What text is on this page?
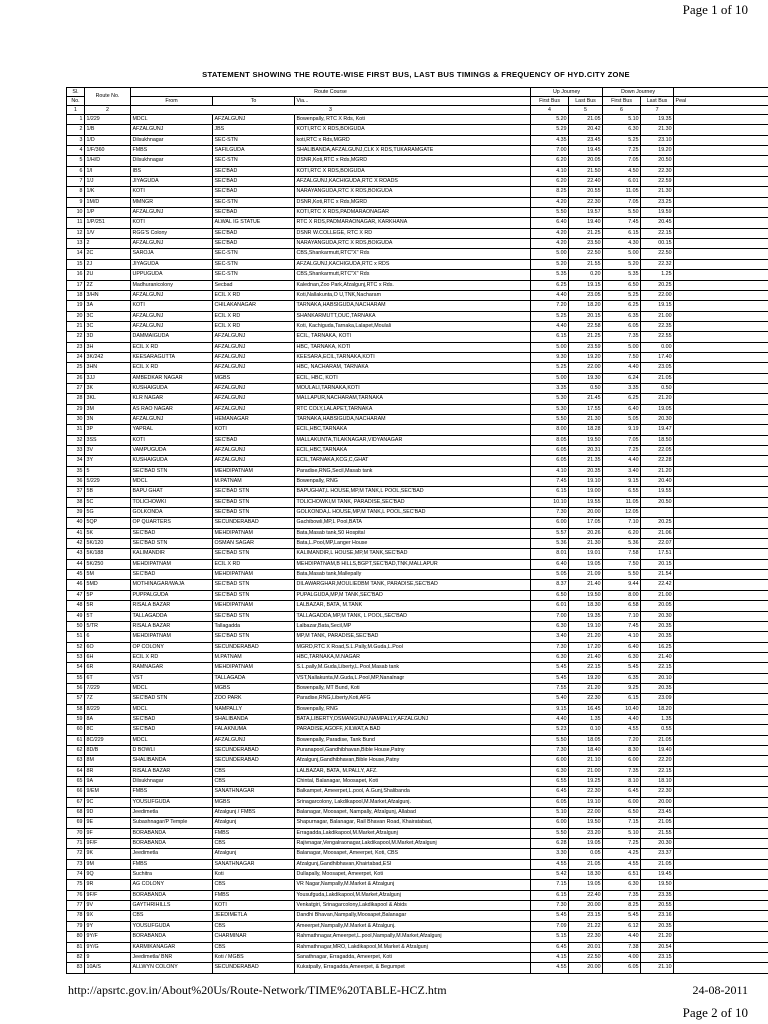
Page 1 of 10
STATEMENT SHOWING THE ROUTE-WISE FIRST BUS, LAST BUS TIMINGS & FREQUENCY OF HYD.CITY ZONE
Sl.	Route No.	Route Course			Up Journey		Down Journey		
No.		From	To	Via...	First Bus	Last Bus	First Bus	Last Bus	Peal
1	2	3			4	5	6	7	
1	1/229	MDCL	AFZALGUNJ	Bowenpally, RTC X Rds, Koti	5.20	21.05	5.10	19.35	
2	1/B	AFZALGUNJ	JBS	KOTI,RTC X RDS,BOIGUDA	5.29	20.42	6.30	21.30	
3	1/D	Dilsukhnagar	SEC-STN	koti,RTC x Rds,MGRD	4.35	23.45	5.25	23.10	
4	1/F/360	FMBS	SAFILGUDA	SHALIBANDA,AFZALGUNJ,CLK X RDS,TUKARAMGATE	7.00	19.45	7.25	19.20	
5	1/H/D	Dilsukhnagar	SEC-STN	DSNR,Koti,RTC x Rds,MGRD	6.20	20.05	7.05	20.50	
6	1/I	IBS	SEC'BAD	KOTI,RTC X RDS,BOIGUDA	4.10	21.50	4.50	22.30	
7	1/J	JIYAGUDA	SEC'BAD	AFZALGUNJ,KACHIGUDA,RTC X ROADS	6.20	22.40	6.01	22.59	
8	1/K	KOTI	SEC'BAD	NARAYANGUDA,RTC X RDS,BOIGUDA	8.25	20.55	11.05	21.30	
9	1M/D	MMNGR	SEC-STN	DSNR,Koti,RTC x Rds,MGRD	4.20	22.30	7.05	23.25	
10	1/P	AFZALGUNJ	SEC'BAD	KOTI,RTC X RDS,PADMARAONAGAR	5.50	19.57	5.50	19.59	
11	1/P/251	KOTI	ALWAL IG STATUE	RTC X RDS,PADMARAONAGAR, KARKHANA	6.40	19.40	7.45	20.45	
12	1/V	RGG'S Colony	SEC'BAD	DSNR W.COLLEGE, RTC X RD	4.20	21.25	6.15	22.15	
13	2	AFZALGUNJ	SEC'BAD	NARAYANGUDA,RTC X RDS,BOIGUDA	4.20	23.50	4.30	00.15	
14	2C	SAROJA	SEC-STN	CBS,Shankarmutt,RTC"X" Rds	5.00	22.50	5.00	22.50	
15	2J	JIYAGUDA	SEC-STN	AFZALGUNJ,KACHIGUDA,RTC x RDS	5.20	21.55	5.20	22.32	
16	2U	UPPUGUDA	SEC-STN	CBS,Shankarmutt,RTC"X" Rds	5.35	0.20	5.35	1.25	
17	2Z	Madhuranicolony	Secbad	Kalednan,Zoo Park,Afzalgunj,RTC x Rds.	6.25	19.15	6.50	20.25	
18	3/HN	AFZALGUNJ	ECIL X RD	Koti,Nallakunta,O U,TNK,Nacharam	4.40	23.05	5.25	22.00	
19	3A	KOTI	CHILAKANAGAR	TARNAKA,HABSIGUDA,NACHARAM	7.20	18.20	6.25	19.15	
20	3C	AFZALGUNJ	ECIL X RD	SHANKARMUTT,OUC,TARNAKA	5.25	20.15	6.35	21.00	
21	3C	AFZALGUNJ	ECIL X RD	Koti, Kachiguda,Tarnaka,Lalapet,Moulali	4.40	22.58	6.05	22.35	
22	3D	DAMMAIGUDA	AFZALGUNJ	ECIL, TARNAKA, KOTI	6.15	21.25	7.35	22.55	
23	3H	ECIL X RD	AFZALGUNJ	HBC, TARNAKA, KOTI	5.00	23.59	5.00	0.00	
24	3K/242	KEESARAGUTTA	AFZALGUNJ	KEESARA,ECIL,TARNAKA,KOTI	9.30	19.20	7.50	17.40	
25	3HN	ECIL X RD	AFZALGUNJ	HBC, NACHARAM, TARNAKA	5.25	22.00	4.40	23.05	
26	3JJ	AMBEDKAR NAGAR	MGBS	ECIL, HBC, KOTI	5.00	19.30	6.24	21.05	
27	3K	KUSHAIGUDA	AFZALGUNJ	MOULALI,TARNAKA,KOTI	3.35	0.50	3.35	0.50	
28	3KL	KLR NAGAR	AFZALGUNJ	MALLAPUR,NACHARAM,TARNAKA	5.30	21.45	6.25	21.20	
29	3M	AS RAO NAGAR	AFZALGUNJ	RTC COLY,LALAPET,TARNAKA	5.30	17.55	6.40	19.05	
30	3N	AFZALGUNJ	HEMANAGAR	TARNAKA,HABSIGUDA,NACHARAM	5.50	21.30	5.05	20.30	
31	3P	YAPRAL	KOTI	ECIL,HBC,TARNAKA	8.00	18.28	9.19	19.47	
32	3SS	KOTI	SEC'BAD	MALLAKUNTA,TILAKNAGAR,VIDYANAGAR	8.05	19.50	7.05	18.50	
33	3V	VAMPUGUDA	AFZALGUNJ	ECIL,HBC,TARNAKA	6.05	20.31	7.25	22.05	
34	3Y	KUSHAIGUDA	AFZALGUNJ	ECIL,TARNAKA,KCG,C,GHAT	6.05	21.35	4.40	22.28	
35	5	SEC'BAD STN	MEHDIPATNAM	Paradise,RNG,Secil,Masab tank	4.10	20.35	3.40	21.20	
36	5/229	MDCL	M.PATNAM	Bowenpally, RNG	7.45	19.10	9.15	20.40	
37	5B	BAPU GHAT	SEC'BAD STN	BAPUGHAT,L HOUSE,MP,M TANK,L POOL,SEC'BAD	6.15	19.00	6.55	19.55	
38	5C	TOLICHOWKI	SEC'BAD STN	TOLICHOWKI,M TANK, PARADISE,SEC'BAD	10.10	19.55	11.05	20.50	
39	5G	GOLKONDA	SEC'BAD STN	GOLKONDA,L HOUSE,MP,M TANK,L POOL,SEC'BAD	7.30	20.00	12.05		
40	5QP	OP QUARTERS	SECUNDERABAD	Gachibowli,MP,L Pool,BATA	6.00	17.05	7.10	20.25	
41	5K	SEC'BAD	MEHDIPATNAM	Bata,Masab tank,S0 Hospital	5.57	20.26	6.20	21.06	
42	5K/120	SEC'BAD STN	OSMAN SAGAR	Bata,L.Pool,MP,Langer House	5.36	21.30	5.36	22.07	
43	5K/188	KALIMANDIR	SEC'BAD STN	KALIMANDIR,L HOUSE,MP,M TANK,SEC'BAD	8.01	19.01	7.58	17.51	
44	5K/250	MEHDIPATNAM	ECIL X RD	MEHDIPATNAM,B HILLS,BGPT,SEC'BAD,TNK,MALLAPUR	6.40	19.05	7.50	20.15	
45	5M	SEC'BAD	MEHDIPATNAM	Bata,Masab tank,Mallepally	5.05	21.09	5.50	21.54	
46	5MD	MOTHINAGAR/WAJA	SEC'BAD STN	DILAWARGHAR,MOULIEDBM TANK, PARADISE,SEC'BAD	8.37	21.40	9.44	22.42	
47	5P	PUPPALGUDA	SEC'BAD STN	PUPALGUDA,MP,M TANK,SEC'BAD	6.50	19.50	8.00	21.00	
48	5R	RISALA BAZAR	MEHDIPATNAM	LALBAZAR, BATA, M.TANK	6.01	18.30	6.58	20.05	
49	5T	TALLAGADDA	SEC'BAD STN	TALLAGADDA,MP,M TANK, L POOL,SEC'BAD	7.00	19.35	7.10	20.30	
50	5/TR	RISALA BAZAR	Tallagadda	Lalbazar,Bata,Secil,MP	6.30	19.10	7.45	20.35	
51	6	MEHDIPATNAM	SEC'BAD STN	MP,M TANK, PARADISE,SEC'BAD	3.40	21.20	4.10	20.35	
52	6O	OP COLONY	SECUNDERABAD	MGRD,RTC X Road,S.L.Pally,M.Guda,L.Pool	7.30	17.20	6.40	16.25	
53	6H	ECIL X RD	M.PATNAM	HBC,TARNAKA,M.NAGAR	6.30	21.40	6.30	21.40	
54	6R	RAMNAGAR	MEHDIPATNAM	S.L.pally,M.Guda,Liberty,L.Pool,Masab tank	5.45	22.15	5.45	22.15	
55	6T	VST	TALLAGADA	VST,Nallakunta,M.Guda,L.Pool,MP,Nanalnagr	5.45	19.20	6.35	20.10	
56	7/229	MDCL	MGBS	Bowenpally, MT Bund, Koti	7.55	21.20	9.25	20.35	
57	7Z	SEC'BAD STN	ZOO PARK	Paradise,RNG,Liberty,Koti,AFG	5.40	22.30	6.15	23.09	
58	8/229	MDCL	NAMPALLY	Bowenpally, RNG	9.15	16.45	10.40	18.20	
59	8A	SEC'BAD	SHALIBANDA	BATA,LIBERTY,OSMANGUNJ,NAMPALLY,AFZALGUNJ	4.40	1.35	4.40	1.35	
60	8C	SEC'BAD	FALAKNUMA	PARADISE,AGOFF,,KILWAT,A.BAD	5.23	0.10	4.55	0.55	
61	8C/229	MDCL	AFZALGUNJ	Bowenpally, Paradise, Tank Bund	5.50	18.05	7.20	21.05	
62	8D/B	D BOWLI	SECUNDERABAD	Puranapool,Gandhibhavan,Bible House,Patny	7.30	18.40	8.30	19.40	
63	8M	SHALIBANDA	SECUNDERABAD	Afzalgunj,Gandhibhavan,Bible House,Patny	6.00	21.10	6.00	22.20	
64	8R	RISALA BAZAR	CBS	LALBAZAR, BATA, M.PALLY, AFZ.	6.30	21.00	7.35	22.15	
65	9A	Dilsukhnagar	CBS	Chintal, Balanagar, Moosapet, Koti	6.55	19.25	8.10	18.10	
66	9/EM	FMBS	SANATHNAGAR	Balkampet, Ameerpet,L.pool, A.Gunj,Shalibanda	6.45	22.30	6.45	22.30	
67	9C	YOUSUFGUDA	MGBS	Srinagarcolony, Lakdikapool,M.Market,Afzalgunj.	6.05	19.10	6.00	20.00	
68	9D	Jeedimetla	Afzalgunj / FMBS	Balanagar, Moosapet, Nampally, Afzalgunj, Allabad	5.10	22.00	6.50	23.45	
69	9E	Subashnagar/P Temple	Afzalgunj	Shapurnagar, Balanagar, Rail Bhavan Road, Khairatabad,	6.00	19.50	7.15	21.05	
70	9F	BORABANDA	FMBS	Erragadda,Lakdikapool,M.Market,Afzalgunj	5.50	23.20	5.10	21.55	
71	9F/F	BORABANDA	CBS	Rajivnagar,Vengalraonagar,Lakdikapool,M.Market,Afzalgunj	6.28	19.05	7.25	20.30	
72	9K	Jeedimetla	Afzalgunj	Balanagar, Moosapet, Ameerpet, Koti, CBS	3.30	0.05	4.25	23.37	
73	9M	FMBS	SANATHNAGAR	Afzalgunj,Gandhibhavan,Khairtabad,ESI	4.55	21.05	4.55	21.05	
74	9Q	Suchitra	Koti	Dullapally, Moosapet, Ameerpet, Koti	5.42	18.30	6.51	19.45	
75	9R	AG COLONY	CBS	VR Nagar,Nampally,M.Market & Afzalgunj	7.15	19.05	6.30	19.50	
76	9F/F	BORABANDA	FMBS	Yousufguda,Lakdikapool,M.Market,Afzalgunj	6.15	22.40	7.35	23.35	
77	9V	GAYTHRIHILLS	KOTI	Venkatgiri, Srinagarcolony,Lakdikapool & Abids	7.30	20.00	8.25	20.55	
78	9X	CBS	JEEDIMETLA	Dandhi Bhavan,Nampally,Moosapet,Balanagar	5.45	23.15	5.45	23.16	
79	9Y	YOUSUFGUDA	CBS	Ameerpet,Nampally,M.Market & Afzalgunj.	7.09	21.22	6.12	20.35	
80	9Y/F	BORABANDA	CHARMINAR	Rahmathnagar,Ameerpet,L.pool,Nampally,M.Market,Afzalgunj	5.15	22.30	4.40	21.20	
81	9Y/G	KARMIKANAGAR	CBS	Rahmathnagar,MRO, Lakdikapool,M.Market & Afzalgunj	6.45	20.01	7.38	20.54	
82	9	Jeedimetla/ BNR	Koti / MGBS	Sanathnagar, Erragadda, Ameerpet, Koti	4.15	22.50	4.00	23.15	
83	10A/S	ALLWYN COLONY	SECUNDERABAD	Kukatpally, Erragadda,Ameerpet, & Begumpet	4.55	20.00	6.05	21.10	
http://apsrtc.gov.in/About%20Us/Route-Network/TIME%20TABLE-HCZ.htm	24-08-2011
Page 2 of 10
